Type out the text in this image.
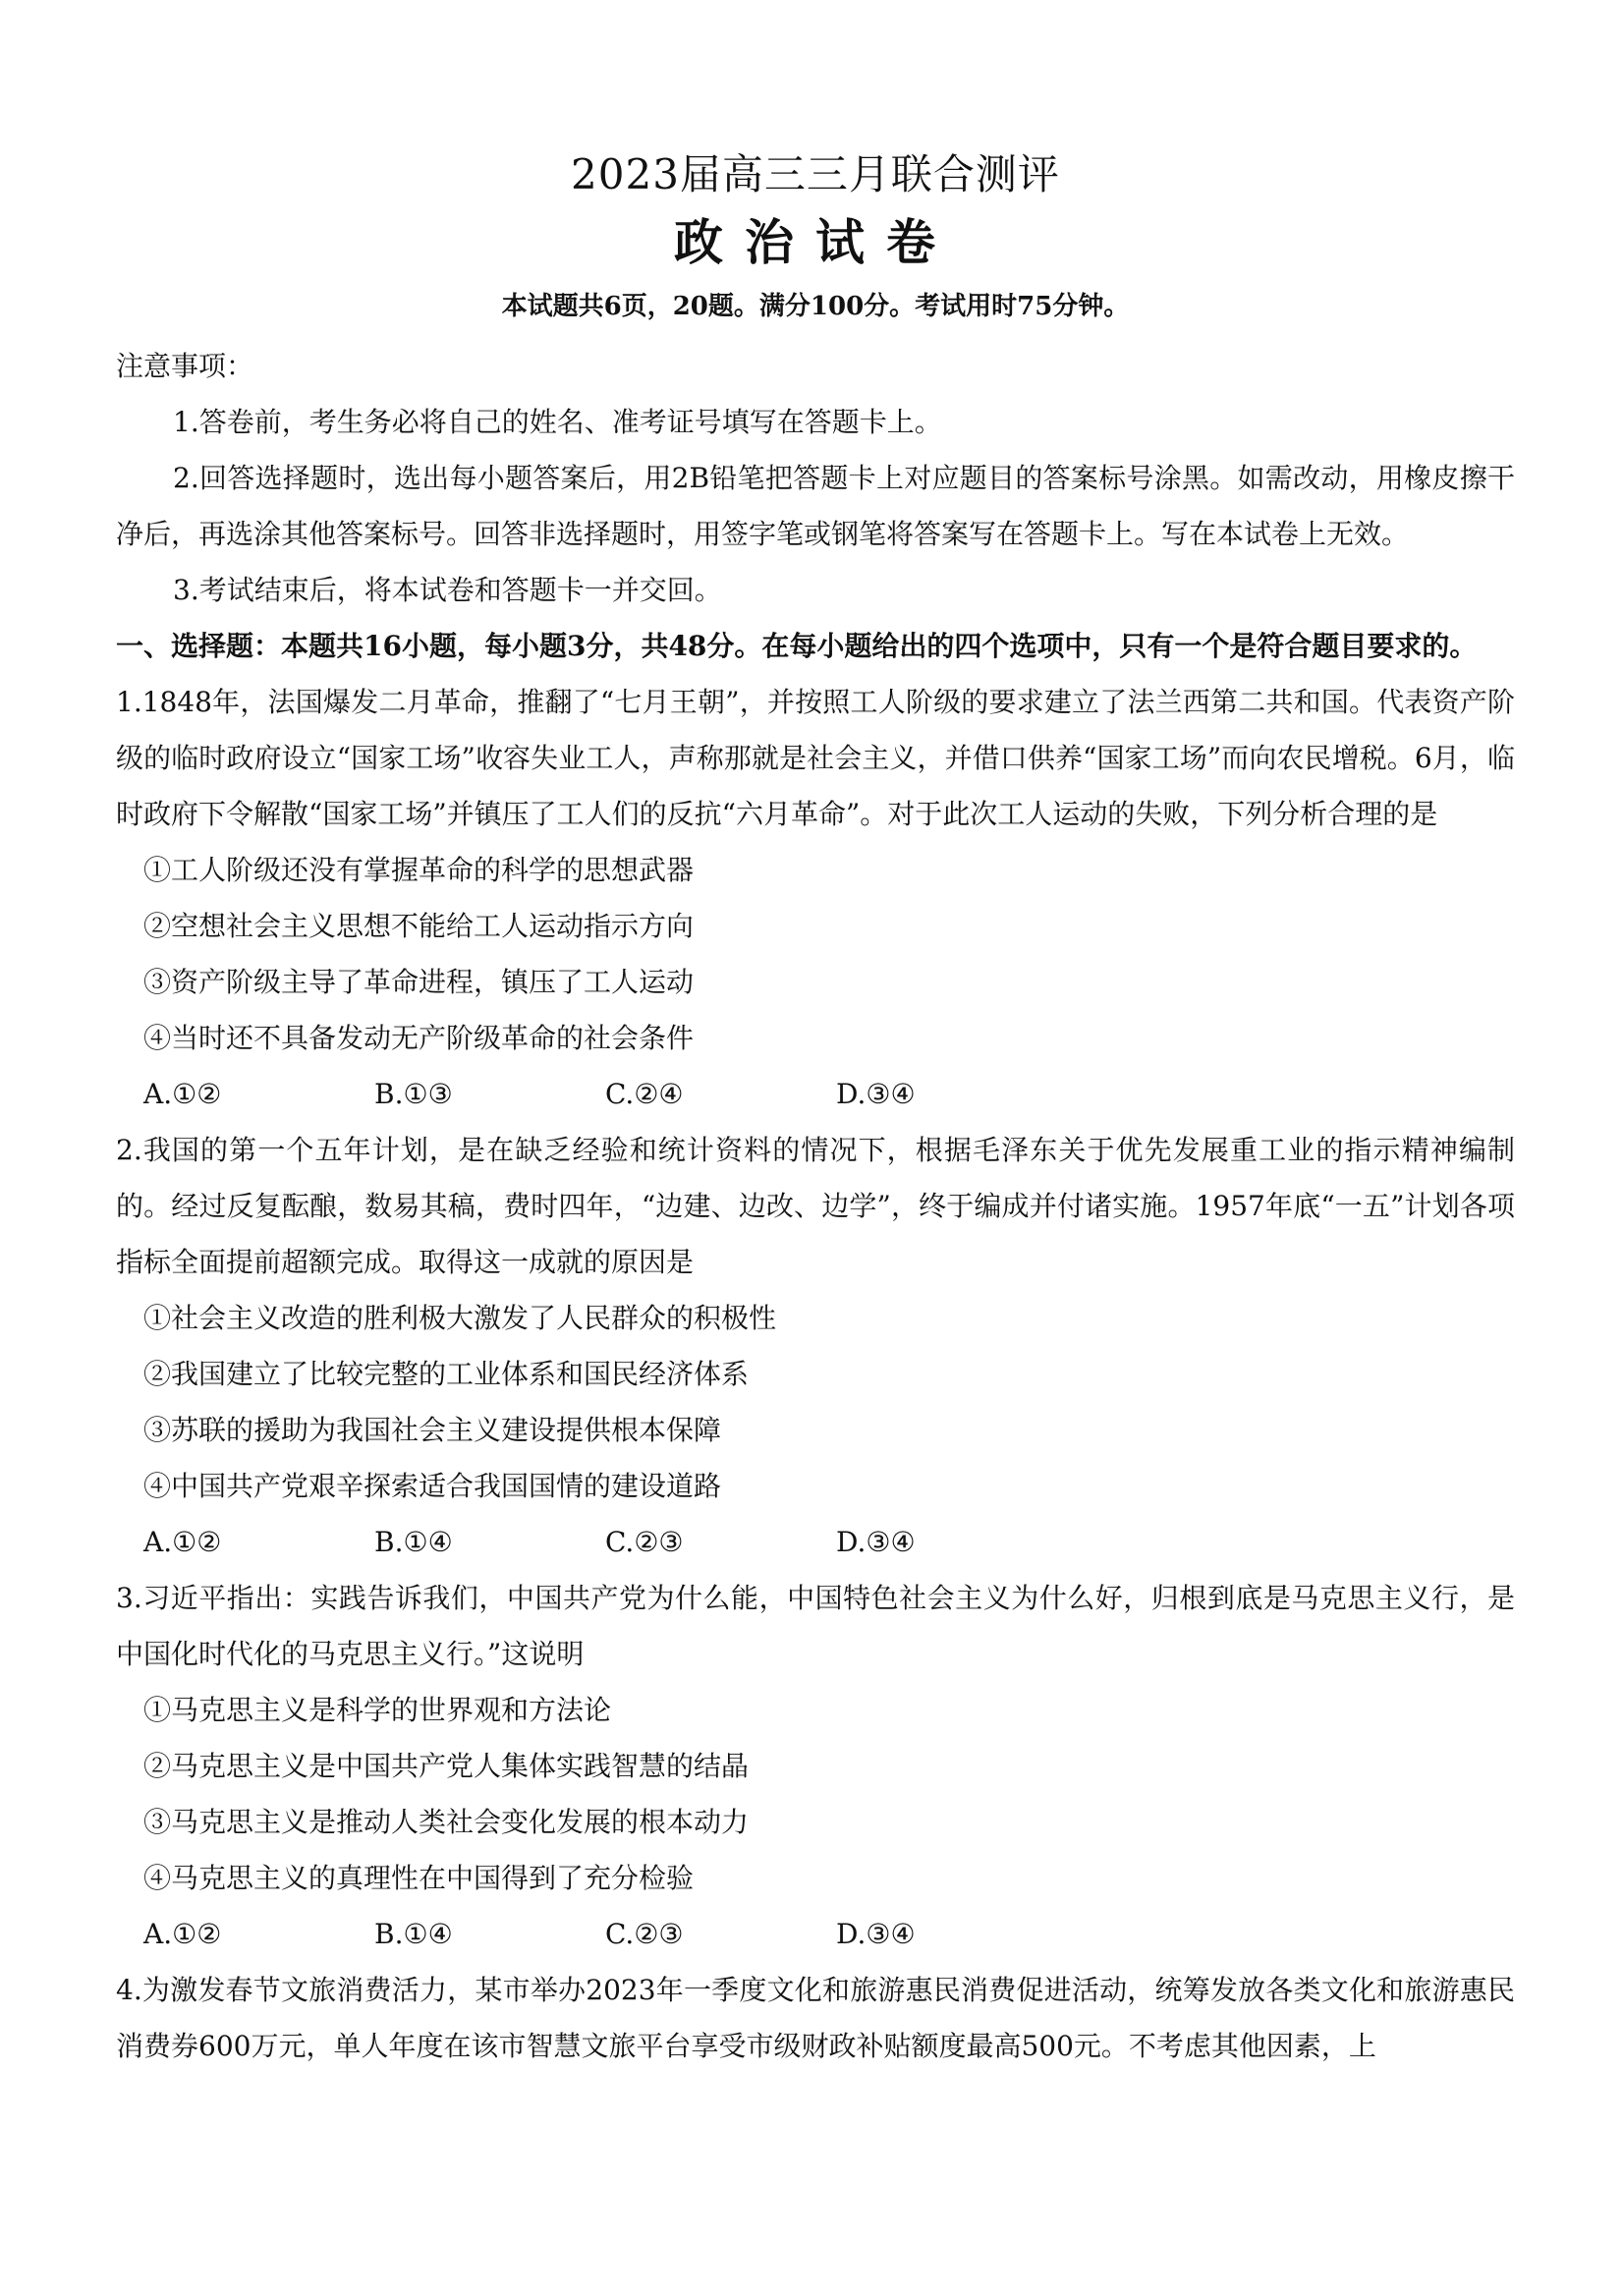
2023届高三三月联合测评
政治试卷
本试题共6页，20题。满分100分。考试用时75分钟。
注意事项：
1.答卷前，考生务必将自己的姓名、准考证号填写在答题卡上。
2.回答选择题时，选出每小题答案后，用2B铅笔把答题卡上对应题目的答案标号涂黑。如需改动，用橡皮擦干净后，再选涂其他答案标号。回答非选择题时，用签字笔或钢笔将答案写在答题卡上。写在本试卷上无效。
3.考试结束后，将本试卷和答题卡一并交回。
一、选择题：本题共16小题，每小题3分，共48分。在每小题给出的四个选项中，只有一个是符合题目要求的。
1.1848年，法国爆发二月革命，推翻了“七月王朝”，并按照工人阶级的要求建立了法兰西第二共和国。代表资产阶级的临时政府设立“国家工场”收容失业工人，声称那就是社会主义，并借口供养“国家工场”而向农民增税。6月，临时政府下令解散“国家工场”并镇压了工人们的反抗“六月革命”。对于此次工人运动的失败，下列分析合理的是
①工人阶级还没有掌握革命的科学的思想武器
②空想社会主义思想不能给工人运动指示方向
③资产阶级主导了革命进程，镇压了工人运动
④当时还不具备发动无产阶级革命的社会条件
A.①②	B.①③	C.②④	D.③④
2.我国的第一个五年计划，是在缺乏经验和统计资料的情况下，根据毛泽东关于优先发展重工业的指示精神编制的。经过反复酝酿，数易其稿，费时四年，“边建、边改、边学”，终于编成并付诸实施。1957年底“一五”计划各项指标全面提前超额完成。取得这一成就的原因是
①社会主义改造的胜利极大激发了人民群众的积极性
②我国建立了比较完整的工业体系和国民经济体系
③苏联的援助为我国社会主义建设提供根本保障
④中国共产党艰辛探索适合我国国情的建设道路
A.①②	B.①④	C.②③	D.③④
3.习近平指出：实践告诉我们，中国共产党为什么能，中国特色社会主义为什么好，归根到底是马克思主义行，是中国化时代化的马克思主义行。”这说明
①马克思主义是科学的世界观和方法论
②马克思主义是中国共产党人集体实践智慧的结晶
③马克思主义是推动人类社会变化发展的根本动力
④马克思主义的真理性在中国得到了充分检验
A.①②	B.①④	C.②③	D.③④
4.为激发春节文旅消费活力，某市举办2023年一季度文化和旅游惠民消费促进活动，统筹发放各类文化和旅游惠民消费券600万元，单人年度在该市智慧文旅平台享受市级财政补贴额度最高500元。不考虑其他因素，上
